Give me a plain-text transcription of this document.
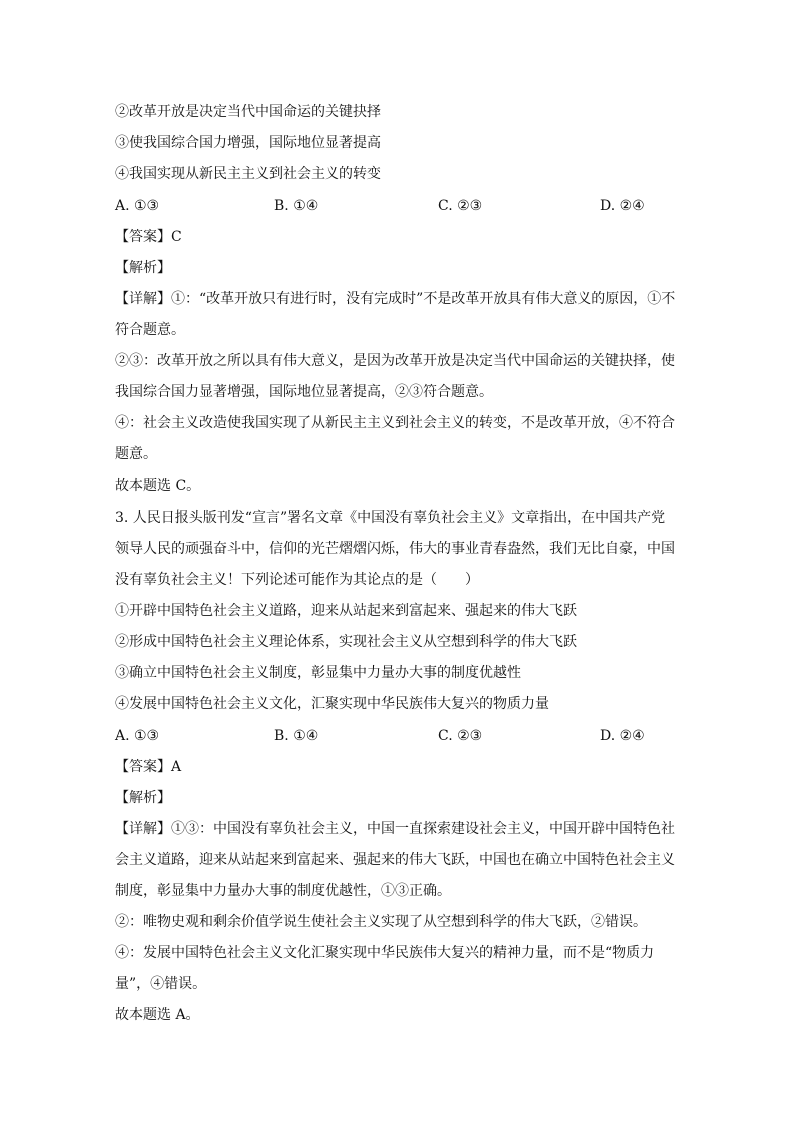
②改革开放是决定当代中国命运的关键抉择
③使我国综合国力增强，国际地位显著提高
④我国实现从新民主主义到社会主义的转变
A. ①③	B. ①④	C. ②③	D. ②④
【答案】C
【解析】
【详解】①：“改革开放只有进行时，没有完成时”不是改革开放具有伟大意义的原因，①不
符合题意。
②③：改革开放之所以具有伟大意义，是因为改革开放是决定当代中国命运的关键抉择，使
我国综合国力显著增强，国际地位显著提高，②③符合题意。
④：社会主义改造使我国实现了从新民主主义到社会主义的转变，不是改革开放，④不符合
题意。
故本题选 C。
3. 人民日报头版刊发“宣言”署名文章《中国没有辜负社会主义》文章指出，在中国共产党
领导人民的顽强奋斗中，信仰的光芒熠熠闪烁，伟大的事业青春盎然，我们无比自豪，中国
没有辜负社会主义！下列论述可能作为其论点的是（　　）
①开辟中国特色社会主义道路，迎来从站起来到富起来、强起来的伟大飞跃
②形成中国特色社会主义理论体系，实现社会主义从空想到科学的伟大飞跃
③确立中国特色社会主义制度，彰显集中力量办大事的制度优越性
④发展中国特色社会主义文化，汇聚实现中华民族伟大复兴的物质力量
A. ①③	B. ①④	C. ②③	D. ②④
【答案】A
【解析】
【详解】①③：中国没有辜负社会主义，中国一直探索建设社会主义，中国开辟中国特色社
会主义道路，迎来从站起来到富起来、强起来的伟大飞跃，中国也在确立中国特色社会主义
制度，彰显集中力量办大事的制度优越性，①③正确。
②：唯物史观和剩余价值学说生使社会主义实现了从空想到科学的伟大飞跃，②错误。
④：发展中国特色社会主义文化汇聚实现中华民族伟大复兴的精神力量，而不是“物质力
量”，④错误。
故本题选 A。
